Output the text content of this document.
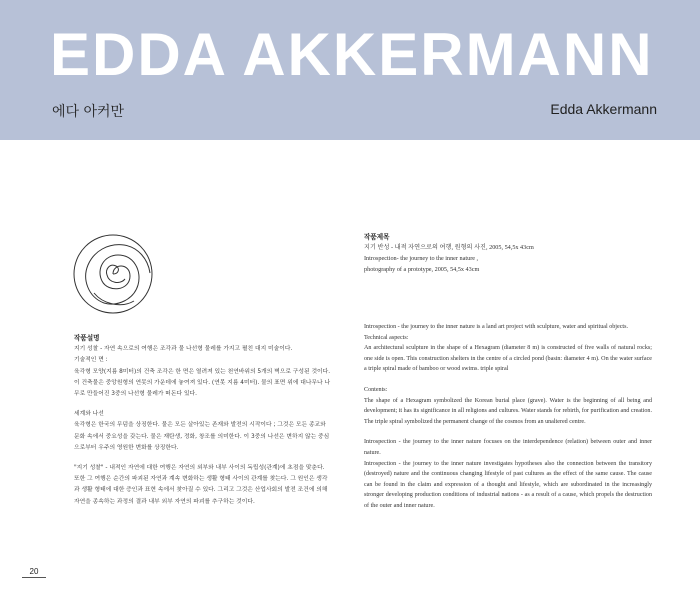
EDDA AKKERMANN
에다 아커만	Edda Akkermann

작품설명

지기 성찰 - 자연 속으로의 여행은 조각과 물 나선형 물레를 가지고 펼친 대지 미술이다.

기술적인 면 :

육각형 모양(지름 8미터)의 건축 조각은 한 면은 열려져 있는 천연바위의 5개의 벽으로 구성된 것이다. 이 건축물은 중앙원형의 연못의 가운데에 놓여져 있다. (연못 지름 4미터). 물의 표면 위에 대나무나 나무로 만들어진 3중의 나선형 물레가 떠돈다 있다.

세계와 나선

육각형은 한국의 무덤을 상징한다. 물은 모든 살아있는 존재와 발전의 시작이다 ; 그것은 모든 종교와 문화 속에서 중요성을 갖는다. 물은 재탄생, 정화, 창조를 의미한다. 이 3중의 나선은 변하지 않는 중심으로부터 우주의 영원한 변화를 상징한다.

"지기 성찰" - 내적인 자연에 대한 여행은 자연의 외부와 내부 사이의 독립성(관계)에 초점을 맞춘다.

또한 그 여행은 순간의 파괴된 자연과 계속 변화하는 생활 형태 사이의 관계를 찾는다. 그 원인은 생각과 생활 형태에 대한 증인과 표현 속에서 찾아질 수 있다. 그리고 그것은 산업사회의 발전 조건에 의해 자연을 종속하는 과정의 결과 내부 외부 자연의 파괴를 추구하는 것이다.

작품제목

지기 반성 - 내적 자연으로의 여행, 원형의 사진, 2005, 54,5x 43cm

Introspection- the journey to the inner nature ,

photography of a prototype, 2005, 54,5x 43cm

Introspection - the journey to the inner nature is a land art project with sculpture, water and spiritual objects.

Technical aspects:

An architectural sculpture in the shape of a Hexagram (diameter 8 m) is constructed of five walls of natural rocks; one side is open. This construction shelters in the centre of a circled pond (basin: diameter 4 m). On the water surface a triple spiral made of bamboo or wood swims. triple spiral

Contents:

The shape of a Hexagram symbolized the Korean burial place (grave). Water is the beginning of all being and development; it has its significance in all religions and cultures. Water stands for rebirth, for purification and creation. The triple spiral symbolized the permanent change of the cosmos from an unaltered centre.

Introspection - the journey to the inner nature focuses on the interdependence (relation) between outer and inner nature.

Introspection - the journey to the inner nature investigates hypotheses also the connection between the transitory (destroyed) nature and the continuous changing lifestyle of past cultures as the effect of the same cause. The cause can be found in the claim and expression of a thought and lifestyle, which are subordinated in the increasingly stronger developing production conditions of industrial nations - as a result of a cause, which propels the destruction of the outer and inner nature.

20
